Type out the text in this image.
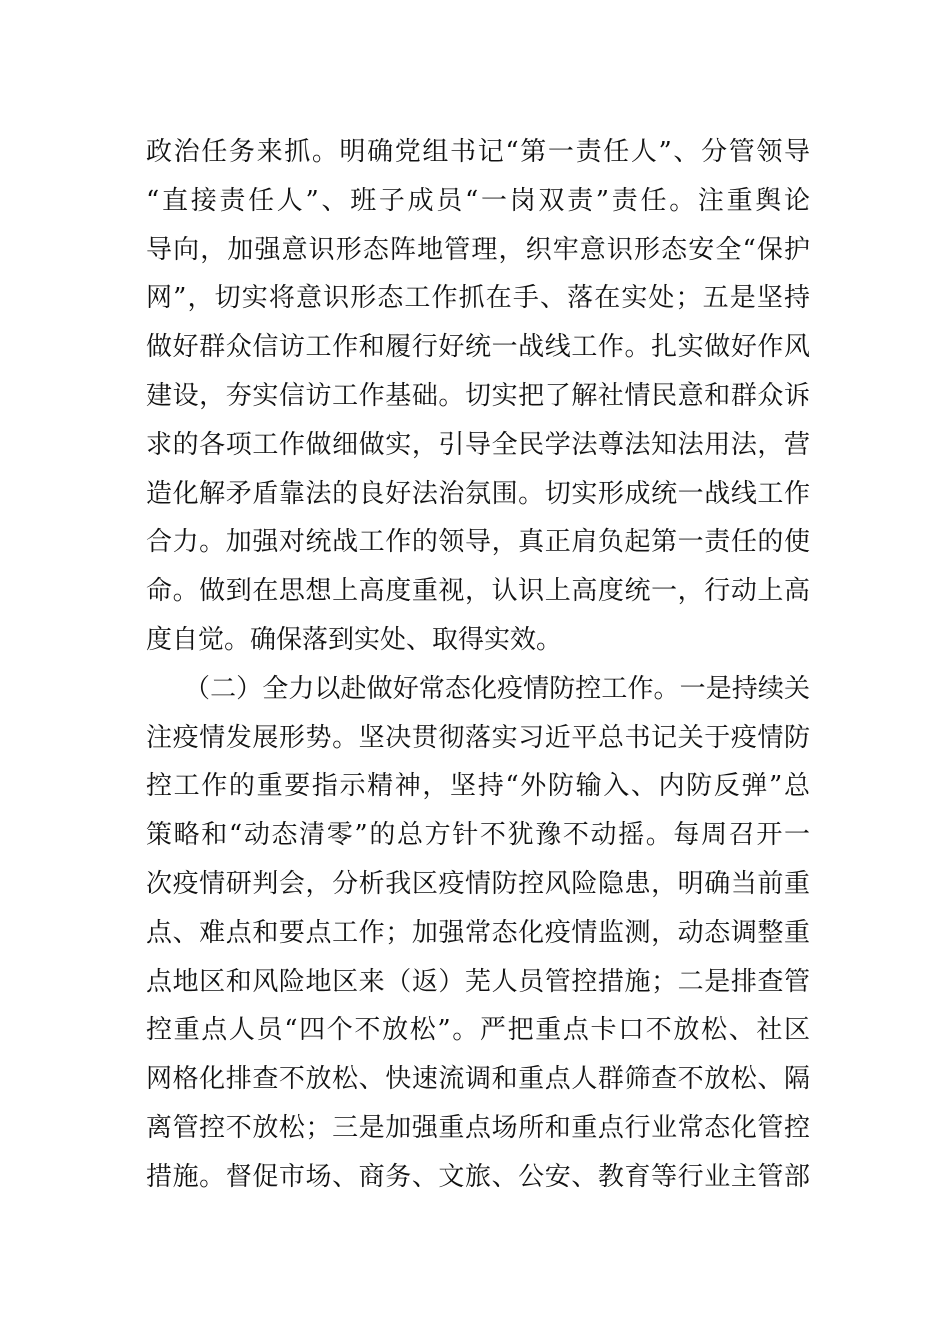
政治任务来抓。明确党组书记“第一责任人”、分管领导
“直接责任人”、班子成员“一岗双责”责任。注重舆论
导向，加强意识形态阵地管理，织牢意识形态安全“保护
网”，切实将意识形态工作抓在手、落在实处；五是坚持
做好群众信访工作和履行好统一战线工作。扎实做好作风
建设，夯实信访工作基础。切实把了解社情民意和群众诉
求的各项工作做细做实，引导全民学法尊法知法用法，营
造化解矛盾靠法的良好法治氛围。切实形成统一战线工作
合力。加强对统战工作的领导，真正肩负起第一责任的使
命。做到在思想上高度重视，认识上高度统一，行动上高
度自觉。确保落到实处、取得实效。
（二）全力以赴做好常态化疫情防控工作。一是持续关
注疫情发展形势。坚决贯彻落实习近平总书记关于疫情防
控工作的重要指示精神，坚持“外防输入、内防反弹”总
策略和“动态清零”的总方针不犹豫不动摇。每周召开一
次疫情研判会，分析我区疫情防控风险隐患，明确当前重
点、难点和要点工作；加强常态化疫情监测，动态调整重
点地区和风险地区来（返）芜人员管控措施；二是排查管
控重点人员“四个不放松”。严把重点卡口不放松、社区
网格化排查不放松、快速流调和重点人群筛查不放松、隔
离管控不放松；三是加强重点场所和重点行业常态化管控
措施。督促市场、商务、文旅、公安、教育等行业主管部
